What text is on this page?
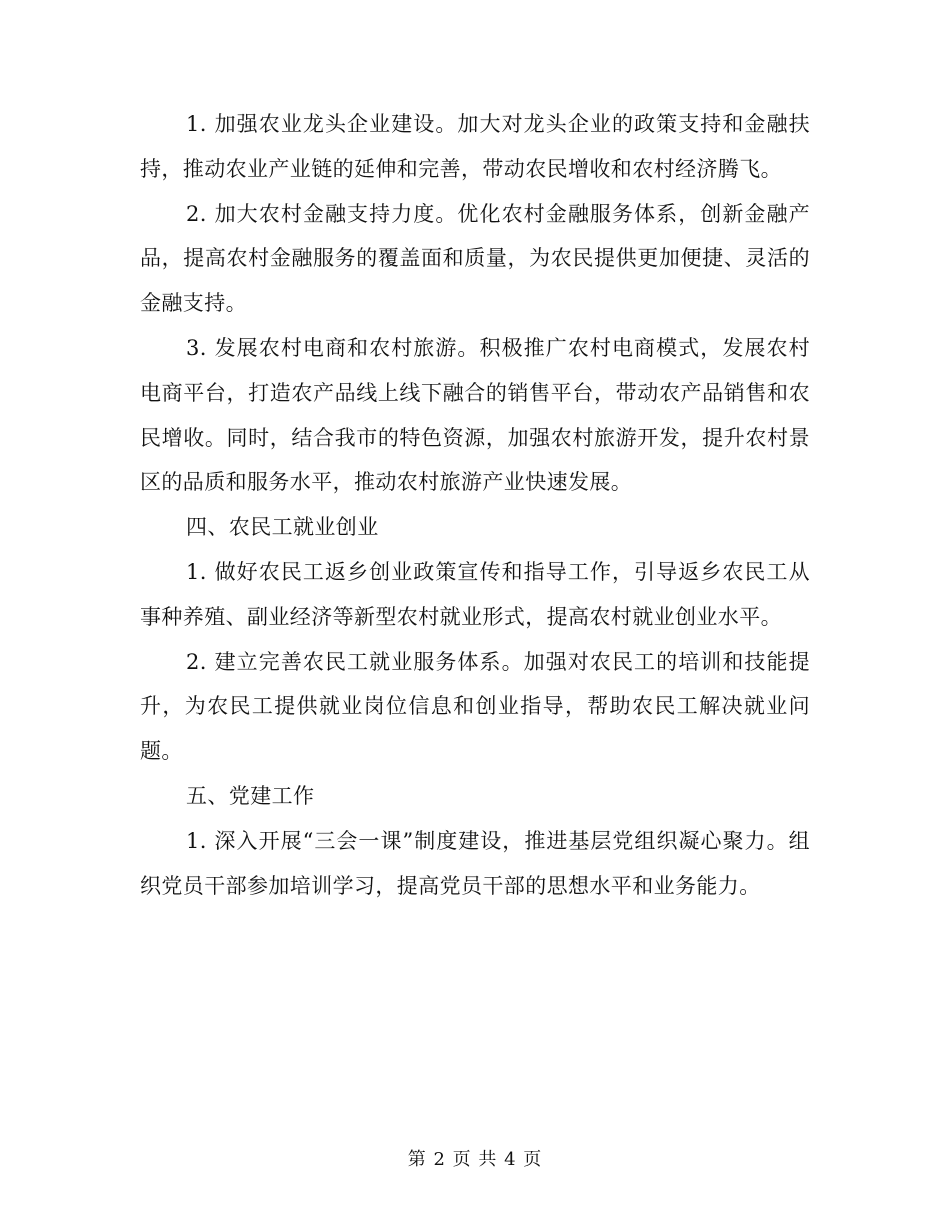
1. 加强农业龙头企业建设。加大对龙头企业的政策支持和金融扶持，推动农业产业链的延伸和完善，带动农民增收和农村经济腾飞。

2. 加大农村金融支持力度。优化农村金融服务体系，创新金融产品，提高农村金融服务的覆盖面和质量，为农民提供更加便捷、灵活的金融支持。

3. 发展农村电商和农村旅游。积极推广农村电商模式，发展农村电商平台，打造农产品线上线下融合的销售平台，带动农产品销售和农民增收。同时，结合我市的特色资源，加强农村旅游开发，提升农村景区的品质和服务水平，推动农村旅游产业快速发展。

四、农民工就业创业

1. 做好农民工返乡创业政策宣传和指导工作，引导返乡农民工从事种养殖、副业经济等新型农村就业形式，提高农村就业创业水平。

2. 建立完善农民工就业服务体系。加强对农民工的培训和技能提升，为农民工提供就业岗位信息和创业指导，帮助农民工解决就业问题。

五、党建工作

1. 深入开展“三会一课”制度建设，推进基层党组织凝心聚力。组织党员干部参加培训学习，提高党员干部的思想水平和业务能力。

第 2 页 共 4 页
